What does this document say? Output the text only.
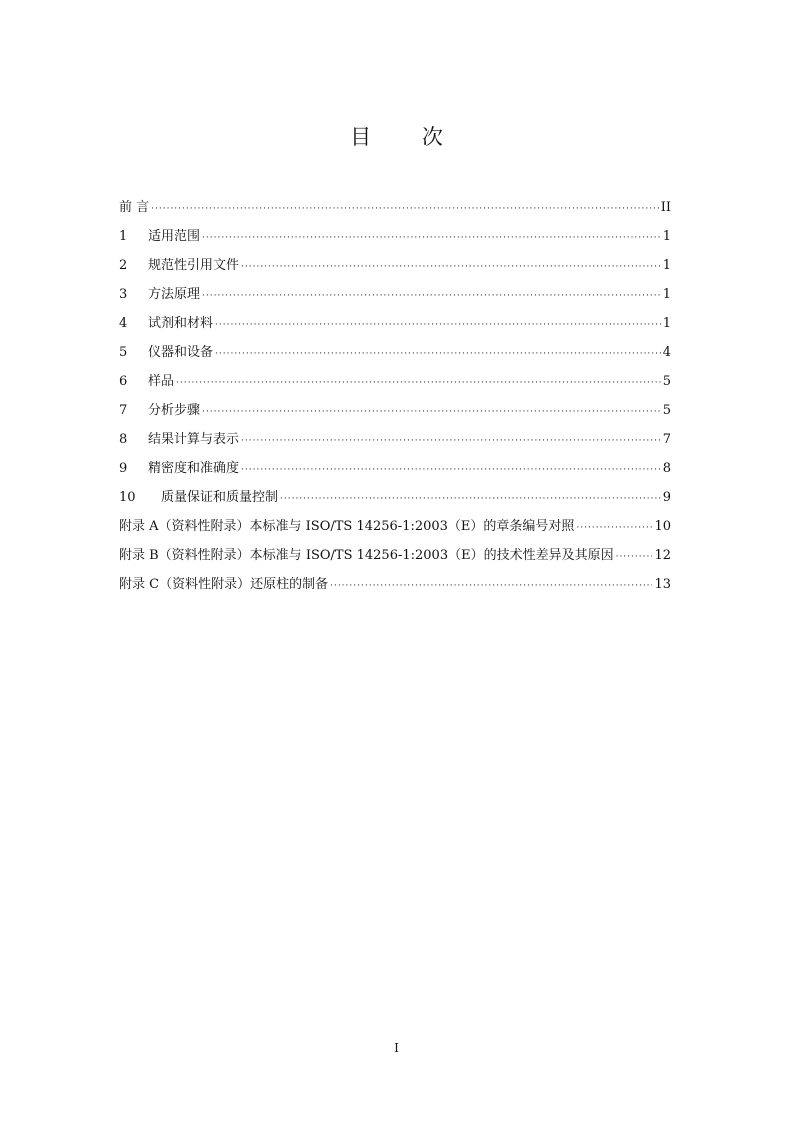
目 次
前 言 ·····	II
1	适用范围 ·····	1
2	规范性引用文件 ·····	1
3	方法原理 ·····	1
4	试剂和材料 ·····	1
5	仪器和设备 ·····	4
6	样品 ·····	5
7	分析步骤 ·····	5
8	结果计算与表示 ·····	7
9	精密度和准确度 ·····	8
10	质量保证和质量控制 ·····	9
附录 A（资料性附录）本标准与 ISO/TS 14256-1:2003（E）的章条编号对照 ·····	10
附录 B（资料性附录）本标准与 ISO/TS 14256-1:2003（E）的技术性差异及其原因 ·····	12
附录 C（资料性附录）还原柱的制备 ·····	13
I
